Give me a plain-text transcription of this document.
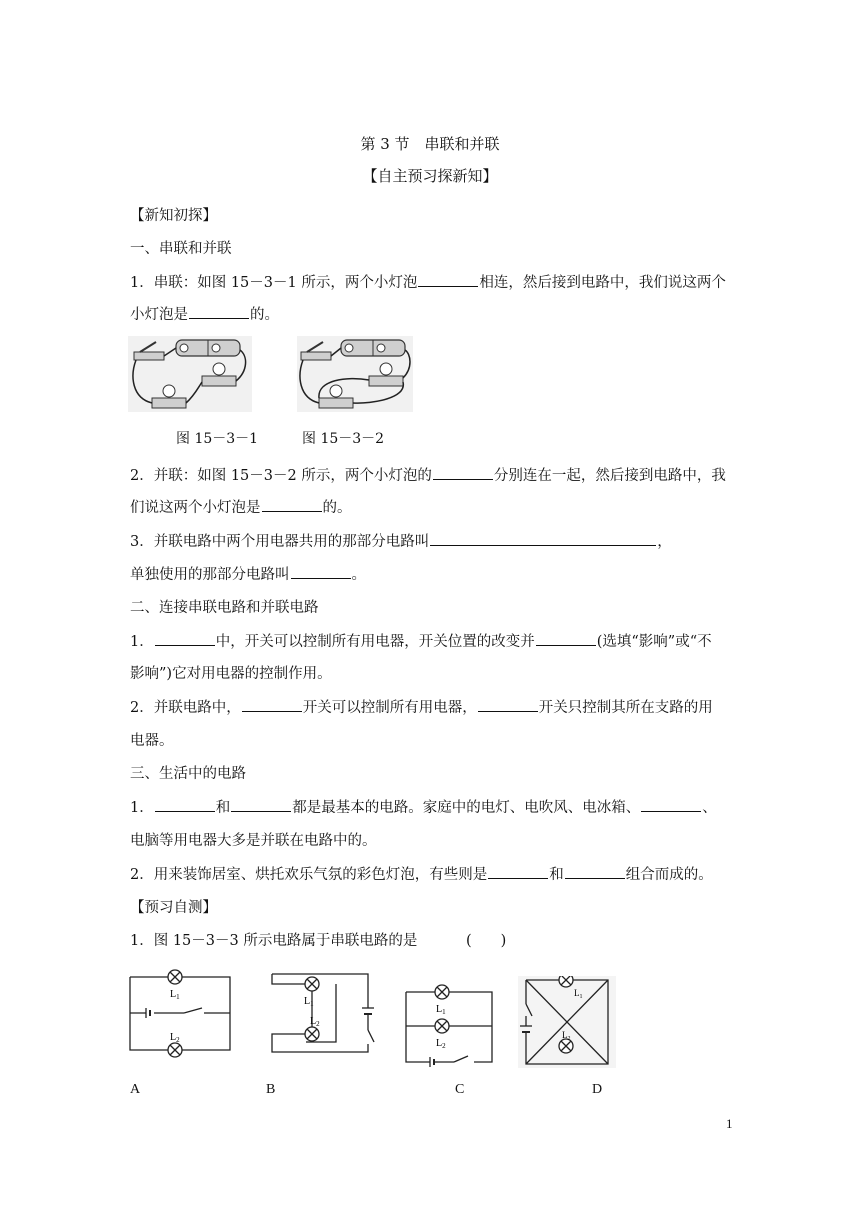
第 3 节　串联和并联
【自主预习探新知】
【新知初探】
一、串联和并联
1．串联：如图 15－3－1 所示，两个小灯泡	相连，然后接到电路中，我们说这两个
小灯泡是	的。
图 15－3－1	图 15－3－2
2．并联：如图 15－3－2 所示，两个小灯泡的	分别连在一起，然后接到电路中，我
们说这两个小灯泡是	的。
3．并联电路中两个用电器共用的那部分电路叫	，
单独使用的那部分电路叫	。
二、连接串联电路和并联电路
1．	中，开关可以控制所有用电器，开关位置的改变并	(选填“影响”或“不
影响”)它对用电器的控制作用。
2．并联电路中，	开关可以控制所有用电器，	开关只控制其所在支路的用
电器。
三、生活中的电路
1．	和	都是最基本的电路。家庭中的电灯、电吹风、电冰箱、	、
电脑等用电器大多是并联在电路中的。
2．用来装饰居室、烘托欢乐气氛的彩色灯泡，有些则是	和	组合而成的。
【预习自测】
1．图 15－3－3 所示电路属于串联电路的是	(　　)
$L_1$
$L_2$
$L_1$
$L_2$
$L_1$
$L_2$
$L_1$
$L_2$
A	B	C	D
1
